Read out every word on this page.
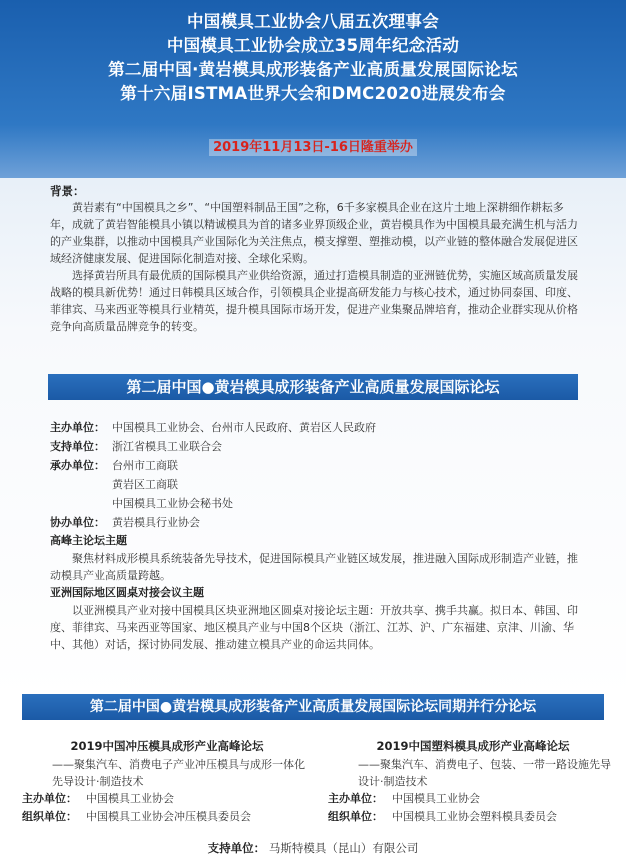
中国模具工业协会八届五次理事会
中国模具工业协会成立35周年纪念活动
第二届中国·黄岩模具成形装备产业高质量发展国际论坛
第十六届ISTMA世界大会和DMC2020进展发布会
2019年11月13日-16日隆重举办
背景：

黄岩素有“中国模具之乡”、“中国塑料制品王国”之称，6千多家模具企业在这片土地上深耕细作耕耘多年，成就了黄岩智能模具小镇以精诚模具为首的诸多业界顶级企业，黄岩模具作为中国模具最充满生机与活力的产业集群，以推动中国模具产业国际化为关注焦点，模支撑塑、塑推动模，以产业链的整体融合发展促进区域经济健康发展、促进国际化制造对接、全球化采购。

选择黄岩所具有最优质的国际模具产业供给资源，通过打造模具制造的亚洲链优势，实施区域高质量发展战略的模具新优势！通过日韩模具区域合作，引领模具企业提高研发能力与核心技术，通过协同泰国、印度、菲律宾、马来西亚等模具行业精英，提升模具国际市场开发，促进产业集聚品牌培育，推动企业群实现从价格竞争向高质量品牌竞争的转变。

第二届中国●黄岩模具成形装备产业高质量发展国际论坛
主办单位： 中国模具工业协会、台州市人民政府、黄岩区人民政府
支持单位： 浙江省模具工业联合会
承办单位： 台州市工商联
黄岩区工商联
中国模具工业协会秘书处
协办单位： 黄岩模具行业协会
高峰主论坛主题

聚焦材料成形模具系统装备先导技术，促进国际模具产业链区域发展，推进融入国际成形制造产业链，推动模具产业高质量跨越。

亚洲国际地区圆桌对接会议主题

以亚洲模具产业对接中国模具区块亚洲地区圆桌对接论坛主题：开放共享、携手共赢。拟日本、韩国、印度、菲律宾、马来西亚等国家、地区模具产业与中国8个区块（浙江、江苏、沪、广东福建、京津、川渝、华中、其他）对话，探讨协同发展、推动建立模具产业的命运共同体。

第二届中国●黄岩模具成形装备产业高质量发展国际论坛同期并行分论坛
2019中国冲压模具成形产业高峰论坛
——聚集汽车、消费电子产业冲压模具与成形一体化先导设计·制造技术
主办单位： 中国模具工业协会
组织单位： 中国模具工业协会冲压模具委员会
2019中国塑料模具成形产业高峰论坛
——聚集汽车、消费电子、包装、一带一路设施先导设计·制造技术
主办单位： 中国模具工业协会
组织单位： 中国模具工业协会塑料模具委员会
支持单位： 马斯特模具（昆山）有限公司
